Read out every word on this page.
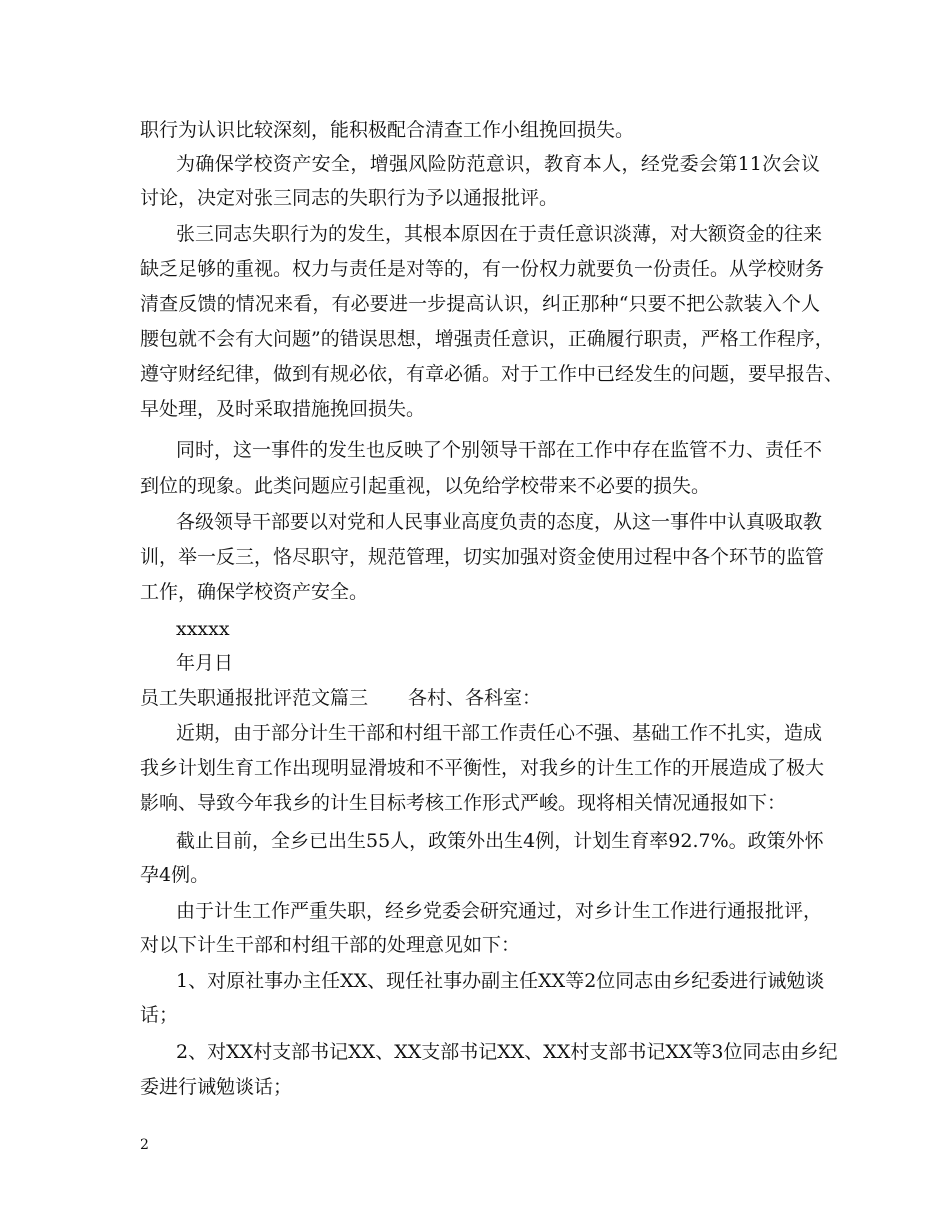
职行为认识比较深刻，能积极配合清查工作小组挽回损失。
为确保学校资产安全，增强风险防范意识，教育本人，经党委会第11次会议
讨论，决定对张三同志的失职行为予以通报批评。
张三同志失职行为的发生，其根本原因在于责任意识淡薄，对大额资金的往来
缺乏足够的重视。权力与责任是对等的，有一份权力就要负一份责任。从学校财务
清查反馈的情况来看，有必要进一步提高认识，纠正那种“只要不把公款装入个人
腰包就不会有大问题”的错误思想，增强责任意识，正确履行职责，严格工作程序，
遵守财经纪律，做到有规必依，有章必循。对于工作中已经发生的问题，要早报告、
早处理，及时采取措施挽回损失。
同时，这一事件的发生也反映了个别领导干部在工作中存在监管不力、责任不
到位的现象。此类问题应引起重视，以免给学校带来不必要的损失。
各级领导干部要以对党和人民事业高度负责的态度，从这一事件中认真吸取教
训，举一反三，恪尽职守，规范管理，切实加强对资金使用过程中各个环节的监管
工作，确保学校资产安全。
xxxxx
年月日
员工失职通报批评范文篇三 各村、各科室：
近期，由于部分计生干部和村组干部工作责任心不强、基础工作不扎实，造成
我乡计划生育工作出现明显滑坡和不平衡性，对我乡的计生工作的开展造成了极大
影响、导致今年我乡的计生目标考核工作形式严峻。现将相关情况通报如下：
截止目前，全乡已出生55人，政策外出生4例，计划生育率92.7%。政策外怀
孕4例。
由于计生工作严重失职，经乡党委会研究通过，对乡计生工作进行通报批评，
对以下计生干部和村组干部的处理意见如下：
1、对原社事办主任XX、现任社事办副主任XX等2位同志由乡纪委进行诫勉谈
话；
2、对XX村支部书记XX、XX支部书记XX、XX村支部书记XX等3位同志由乡纪
委进行诫勉谈话；
2
